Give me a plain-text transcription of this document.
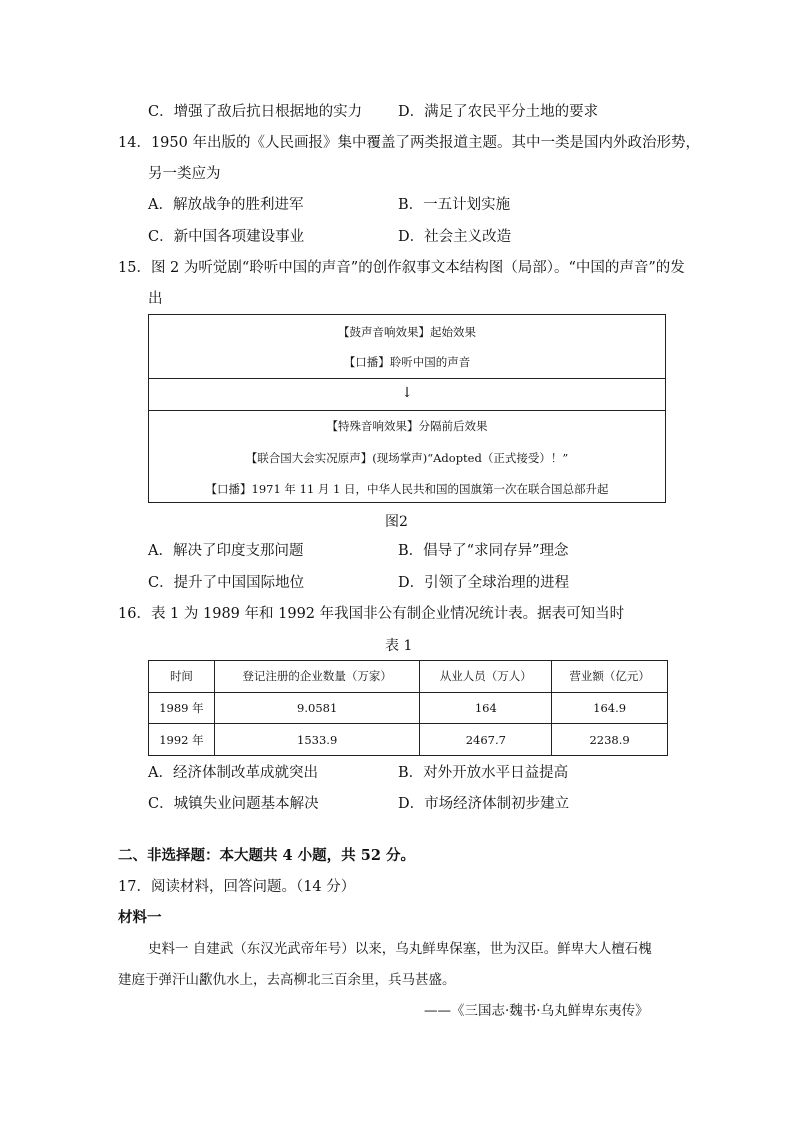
C．增强了敌后抗日根据地的实力 D．满足了农民平分土地的要求
14．1950 年出版的《人民画报》集中覆盖了两类报道主题。其中一类是国内外政治形势，
另一类应为
A．解放战争的胜利进军	B．一五计划实施
C．新中国各项建设事业	D．社会主义改造
15．图 2 为听觉剧“聆听中国的声音”的创作叙事文本结构图（局部）。“中国的声音”的发
出
【鼓声音响效果】起始效果
【口播】聆听中国的声音
↓
【特殊音响效果】分隔前后效果
【联合国大会实况原声】(现场掌声)“Adopted（正式接受）！”
【口播】1971 年 11 月 1 日，中华人民共和国的国旗第一次在联合国总部升起
图2
A．解决了印度支那问题	B．倡导了“求同存异”理念
C．提升了中国国际地位	D．引领了全球治理的进程
16．表 1 为 1989 年和 1992 年我国非公有制企业情况统计表。据表可知当时
表 1
时间	登记注册的企业数量（万家）	从业人员（万人）	营业额（亿元）
1989 年	9.0581	164	164.9
1992 年	1533.9	2467.7	2238.9
A．经济体制改革成就突出	B．对外开放水平日益提高
C．城镇失业问题基本解决	D．市场经济体制初步建立
二、非选择题：本大题共 4 小题，共 52 分。
17．阅读材料，回答问题。（14 分）
材料一
史料一 自建武（东汉光武帝年号）以来，乌丸鲜卑保塞，世为汉臣。鲜卑大人檀石槐
建庭于弹汗山歠仇水上，去高柳北三百余里，兵马甚盛。
——《三国志·魏书·乌丸鲜卑东夷传》
